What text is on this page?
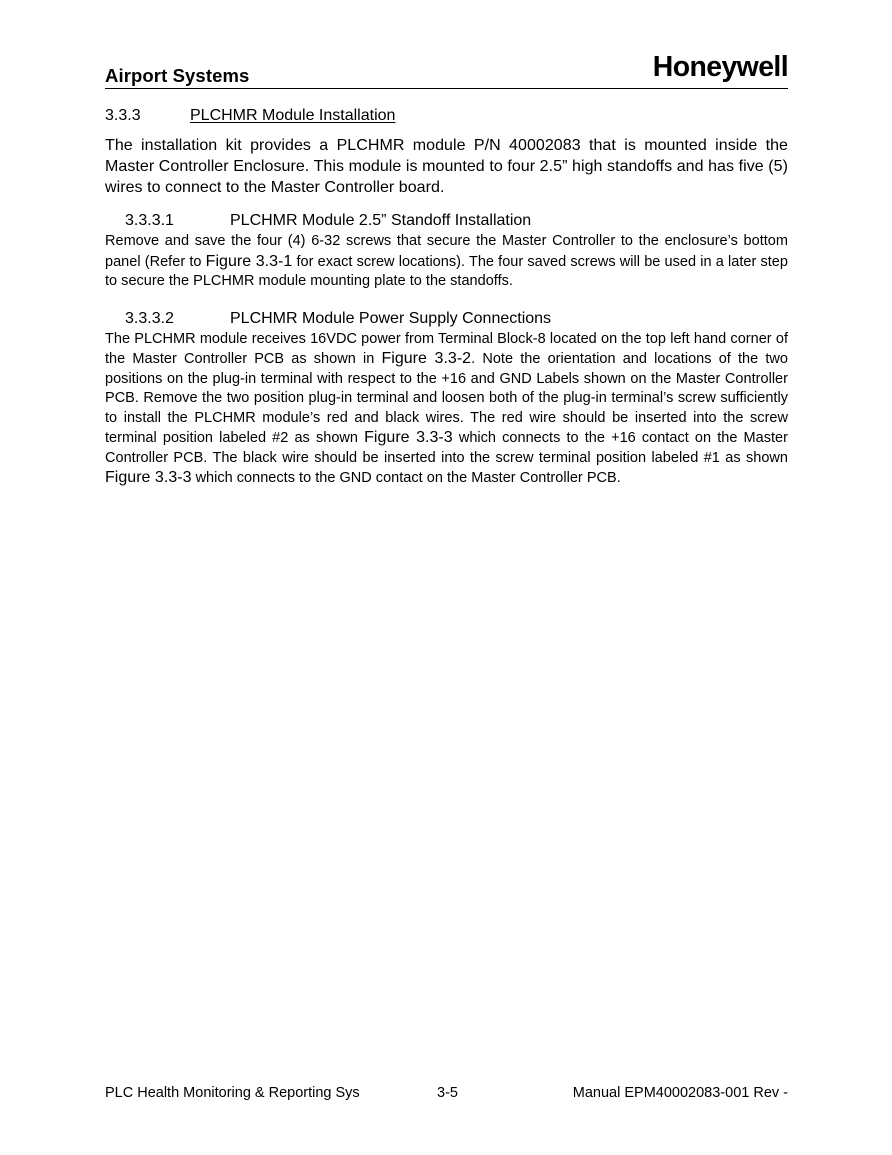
Airport Systems	Honeywell
3.3.3	PLCHMR Module Installation

The installation kit provides a PLCHMR module P/N 40002083 that is mounted inside the Master Controller Enclosure. This module is mounted to four 2.5” high standoffs and has five (5) wires to connect to the Master Controller board.

3.3.3.1	PLCHMR Module 2.5” Standoff Installation

Remove and save the four (4) 6-32 screws that secure the Master Controller to the enclosure’s bottom panel (Refer to Figure 3.3-1 for exact screw locations). The four saved screws will be used in a later step to secure the PLCHMR module mounting plate to the standoffs.

3.3.3.2	PLCHMR Module Power Supply Connections

The PLCHMR module receives 16VDC power from Terminal Block-8 located on the top left hand corner of the Master Controller PCB as shown in Figure 3.3-2. Note the orientation and locations of the two positions on the plug-in terminal with respect to the +16 and GND Labels shown on the Master Controller PCB. Remove the two position plug-in terminal and loosen both of the plug-in terminal’s screw sufficiently to install the PLCHMR module’s red and black wires. The red wire should be inserted into the screw terminal position labeled #2 as shown Figure 3.3-3 which connects to the +16 contact on the Master Controller PCB. The black wire should be inserted into the screw terminal position labeled #1 as shown Figure 3.3-3 which connects to the GND contact on the Master Controller PCB.

PLC Health Monitoring & Reporting Sys	3-5	Manual EPM40002083-001 Rev -
